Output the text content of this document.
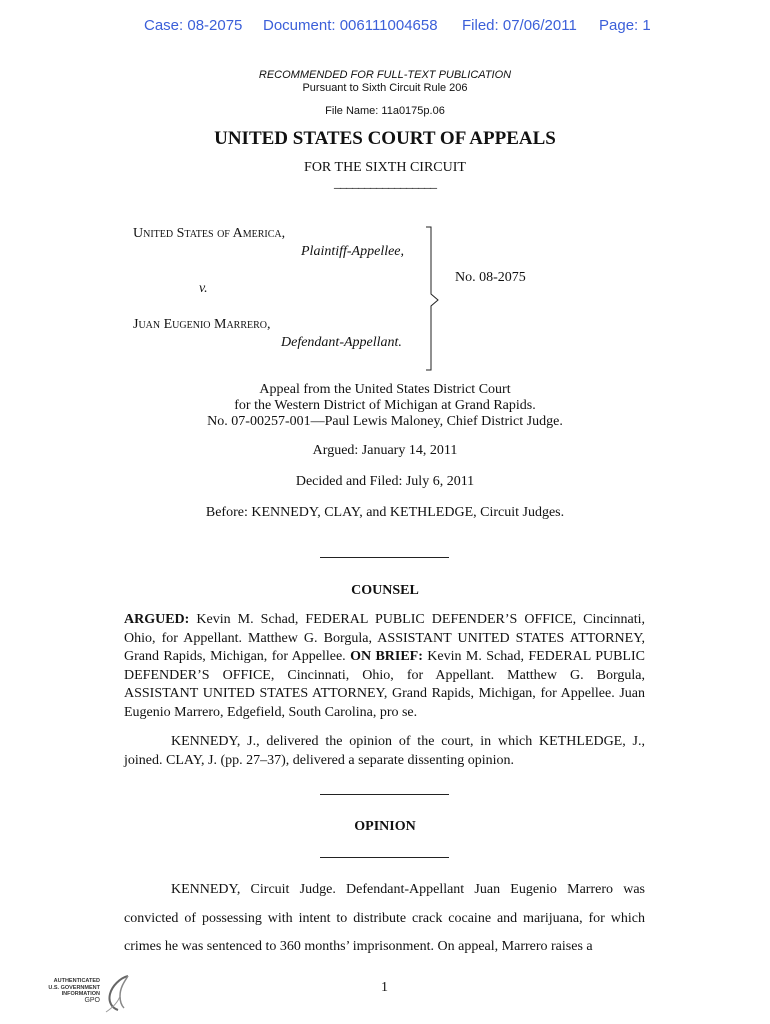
Case: 08-2075 Document: 006111004658 Filed: 07/06/2011 Page: 1
RECOMMENDED FOR FULL-TEXT PUBLICATION
Pursuant to Sixth Circuit Rule 206
File Name: 11a0175p.06
UNITED STATES COURT OF APPEALS
FOR THE SIXTH CIRCUIT
_________________
United States of America,
Plaintiff-Appellee,
v.
Juan Eugenio Marrero,
Defendant-Appellant.
No. 08-2075
Appeal from the United States District Court
for the Western District of Michigan at Grand Rapids.
No. 07-00257-001—Paul Lewis Maloney, Chief District Judge.
Argued: January 14, 2011
Decided and Filed: July 6, 2011
Before: KENNEDY, CLAY, and KETHLEDGE, Circuit Judges.
COUNSEL
ARGUED: Kevin M. Schad, FEDERAL PUBLIC DEFENDER’S OFFICE, Cincinnati, Ohio, for Appellant. Matthew G. Borgula, ASSISTANT UNITED STATES ATTORNEY, Grand Rapids, Michigan, for Appellee. ON BRIEF: Kevin M. Schad, FEDERAL PUBLIC DEFENDER’S OFFICE, Cincinnati, Ohio, for Appellant. Matthew G. Borgula, ASSISTANT UNITED STATES ATTORNEY, Grand Rapids, Michigan, for Appellee. Juan Eugenio Marrero, Edgefield, South Carolina, pro se.
KENNEDY, J., delivered the opinion of the court, in which KETHLEDGE, J., joined. CLAY, J. (pp. 27–37), delivered a separate dissenting opinion.
OPINION
KENNEDY, Circuit Judge. Defendant-Appellant Juan Eugenio Marrero was convicted of possessing with intent to distribute crack cocaine and marijuana, for which crimes he was sentenced to 360 months’ imprisonment. On appeal, Marrero raises a
1
AUTHENTICATED
U.S. GOVERNMENT
INFORMATION
GPO
